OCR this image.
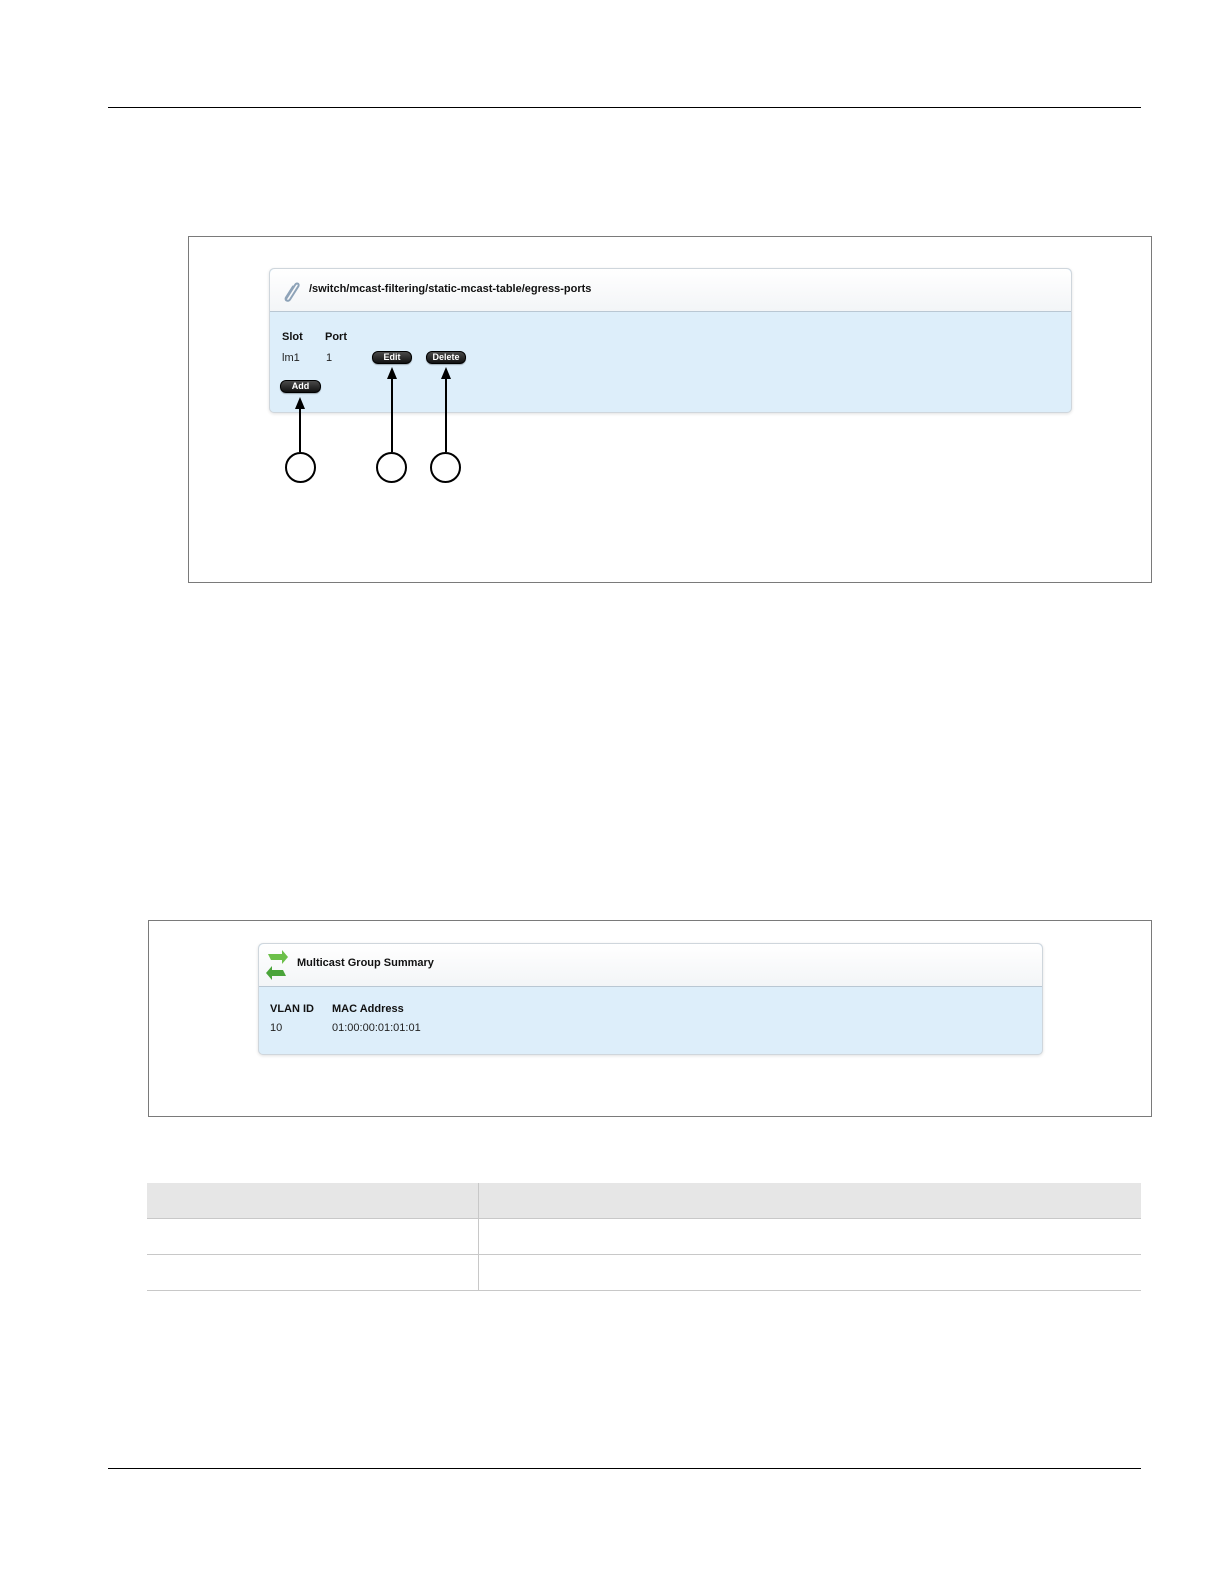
/switch/mcast-filtering/static-mcast-table/egress-ports
Slot Port
lm1 1	Edit	Delete
Add
Multicast Group Summary
VLAN ID MAC Address
10	01:00:00:01:01:01
